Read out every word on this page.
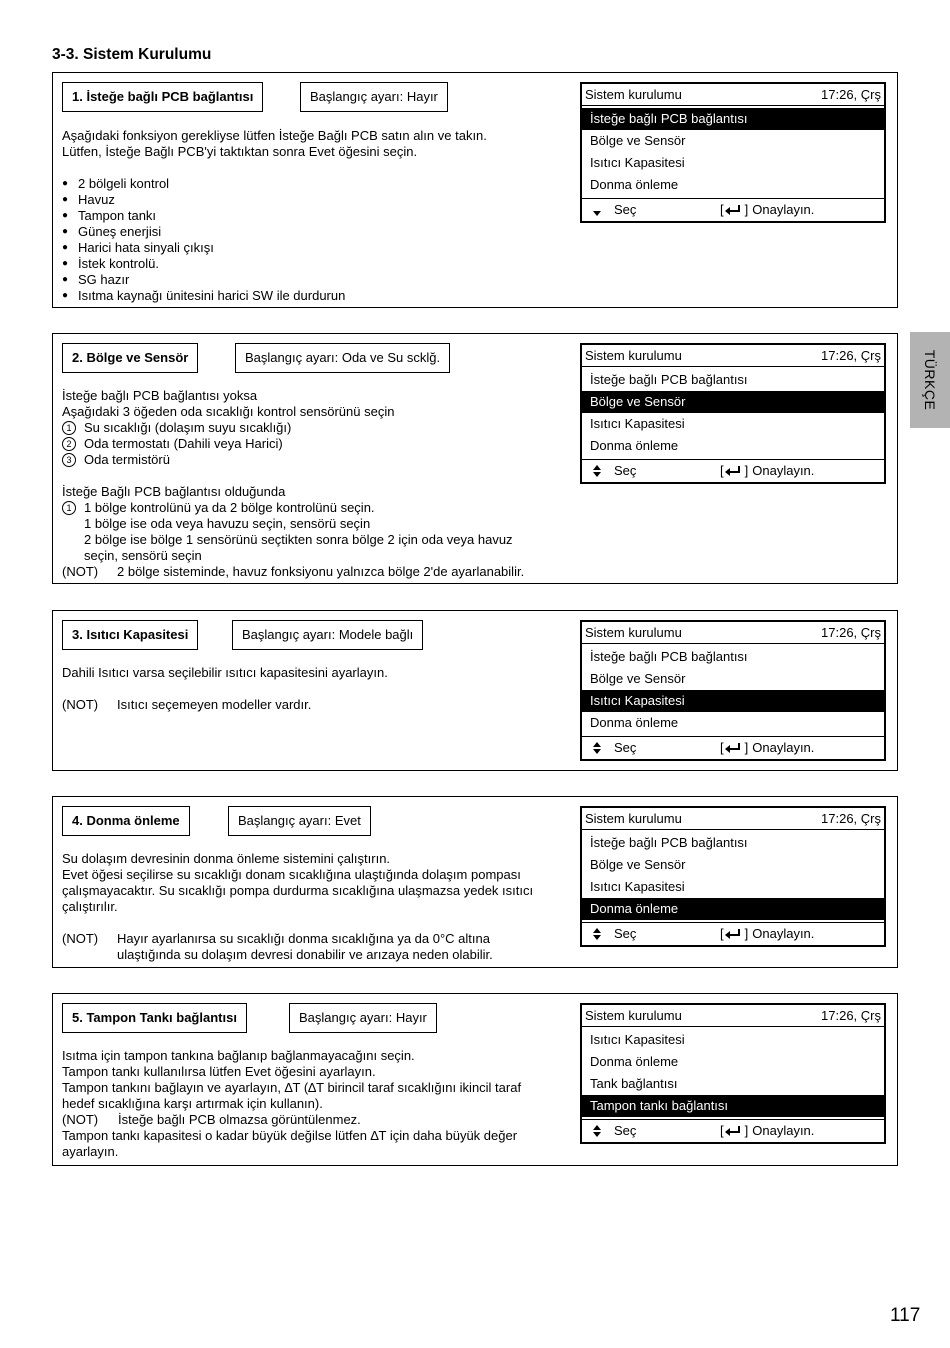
3-3. Sistem Kurulumu
1. İsteğe bağlı PCB bağlantısı	Başlangıç ayarı: Hayır

Aşağıdaki fonksiyon gerekliyse lütfen İsteğe Bağlı PCB satın alın ve takın.

Lütfen, İsteğe Bağlı PCB'yi taktıktan sonra Evet öğesini seçin.

● 2 bölgeli kontrol
● Havuz
● Tampon tankı
● Güneş enerjisi
● Harici hata sinyali çıkışı
● İstek kontrolü.
● SG hazır
● Isıtma kaynağı ünitesini harici SW ile durdurun
Sistem kurulumu	17:26, Çrş
İsteğe bağlı PCB bağlantısı
Bölge ve Sensör
Isıtıcı Kapasitesi
Donma önleme
Seç	[ ] Onaylayın.
2. Bölge ve Sensör	Başlangıç ayarı: Oda ve Su scklğ.

İsteğe bağlı PCB bağlantısı yoksa

Aşağıdaki 3 öğeden oda sıcaklığı kontrol sensörünü seçin

1 Su sıcaklığı (dolaşım suyu sıcaklığı)
2 Oda termostatı (Dahili veya Harici)
3 Oda termistörü

İsteğe Bağlı PCB bağlantısı olduğunda

1 1 bölge kontrolünü ya da 2 bölge kontrolünü seçin.

1 bölge ise oda veya havuzu seçin, sensörü seçin

2 bölge ise bölge 1 sensörünü seçtikten sonra bölge 2 için oda veya havuz

seçin, sensörü seçin

(NOT)	2 bölge sisteminde, havuz fonksiyonu yalnızca bölge 2'de ayarlanabilir.
Sistem kurulumu	17:26, Çrş
İsteğe bağlı PCB bağlantısı
Bölge ve Sensör
Isıtıcı Kapasitesi
Donma önleme
Seç	[ ] Onaylayın.
3. Isıtıcı Kapasitesi	Başlangıç ayarı: Modele bağlı

Dahili Isıtıcı varsa seçilebilir ısıtıcı kapasitesini ayarlayın.

(NOT)	Isıtıcı seçemeyen modeller vardır.
Sistem kurulumu	17:26, Çrş
İsteğe bağlı PCB bağlantısı
Bölge ve Sensör
Isıtıcı Kapasitesi
Donma önleme
Seç	[ ] Onaylayın.
4. Donma önleme	Başlangıç ayarı: Evet

Su dolaşım devresinin donma önleme sistemini çalıştırın.

Evet öğesi seçilirse su sıcaklığı donam sıcaklığına ulaştığında dolaşım pompası

çalışmayacaktır. Su sıcaklığı pompa durdurma sıcaklığına ulaşmazsa yedek ısıtıcı

çalıştırılır.

(NOT)	Hayır ayarlanırsa su sıcaklığı donma sıcaklığına ya da 0°C altına
ulaştığında su dolaşım devresi donabilir ve arızaya neden olabilir.
Sistem kurulumu	17:26, Çrş
İsteğe bağlı PCB bağlantısı
Bölge ve Sensör
Isıtıcı Kapasitesi
Donma önleme
Seç	[ ] Onaylayın.
5. Tampon Tankı bağlantısı	Başlangıç ayarı: Hayır

Isıtma için tampon tankına bağlanıp bağlanmayacağını seçin.

Tampon tankı kullanılırsa lütfen Evet öğesini ayarlayın.

Tampon tankını bağlayın ve ayarlayın, ∆T (∆T birincil taraf sıcaklığını ikincil taraf

hedef sıcaklığına karşı artırmak için kullanın).

(NOT)	İsteğe bağlı PCB olmazsa görüntülenmez.

Tampon tankı kapasitesi o kadar büyük değilse lütfen ∆T için daha büyük değer

ayarlayın.

Sistem kurulumu	17:26, Çrş
Isıtıcı Kapasitesi
Donma önleme
Tank bağlantısı
Tampon tankı bağlantısı
Seç	[ ] Onaylayın.
TÜRKÇE
117
